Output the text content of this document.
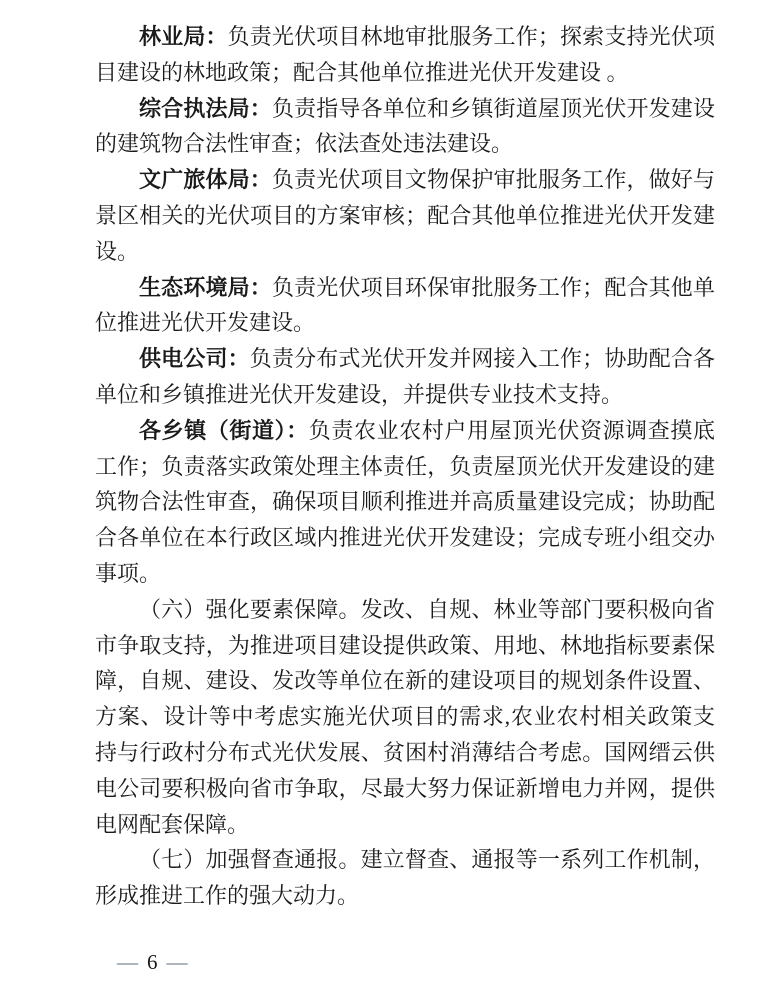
林业局：负责光伏项目林地审批服务工作；探索支持光伏项目建设的林地政策；配合其他单位推进光伏开发建设 。

综合执法局：负责指导各单位和乡镇街道屋顶光伏开发建设的建筑物合法性审查；依法查处违法建设。

文广旅体局：负责光伏项目文物保护审批服务工作，做好与景区相关的光伏项目的方案审核；配合其他单位推进光伏开发建设。

生态环境局：负责光伏项目环保审批服务工作；配合其他单位推进光伏开发建设。

供电公司：负责分布式光伏开发并网接入工作；协助配合各单位和乡镇推进光伏开发建设，并提供专业技术支持。

各乡镇（街道）：负责农业农村户用屋顶光伏资源调查摸底工作；负责落实政策处理主体责任，负责屋顶光伏开发建设的建筑物合法性审查，确保项目顺利推进并高质量建设完成；协助配合各单位在本行政区域内推进光伏开发建设；完成专班小组交办事项。

（六）强化要素保障。发改、自规、林业等部门要积极向省市争取支持，为推进项目建设提供政策、用地、林地指标要素保障，自规、建设、发改等单位在新的建设项目的规划条件设置、方案、设计等中考虑实施光伏项目的需求,农业农村相关政策支持与行政村分布式光伏发展、贫困村消薄结合考虑。国网缙云供电公司要积极向省市争取，尽最大努力保证新增电力并网，提供电网配套保障。

（七）加强督查通报。建立督查、通报等一系列工作机制，形成推进工作的强大动力。

— 6 —
